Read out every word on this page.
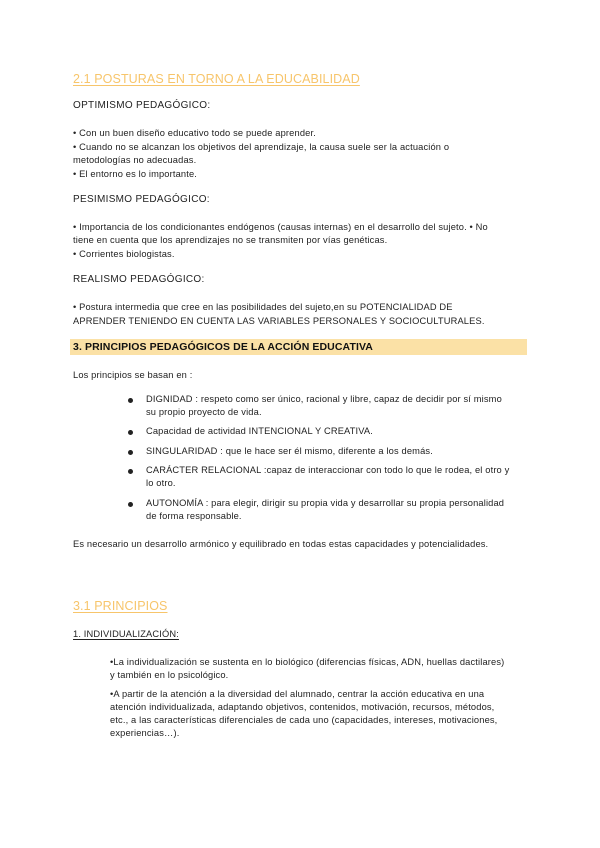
2.1 POSTURAS EN TORNO A LA EDUCABILIDAD
OPTIMISMO PEDAGÓGICO:
• Con un buen diseño educativo todo se puede aprender.
• Cuando no se alcanzan los objetivos del aprendizaje, la causa suele ser la actuación o
metodologías no adecuadas.
• El entorno es lo importante.
PESIMISMO PEDAGÓGICO:
• Importancia de los condicionantes endógenos (causas internas) en el desarrollo del sujeto. • No
tiene en cuenta que los aprendizajes no se transmiten por vías genéticas.
• Corrientes biologistas.
REALISMO PEDAGÓGICO:
• Postura intermedia que cree en las posibilidades del sujeto,en su POTENCIALIDAD DE
APRENDER TENIENDO EN CUENTA LAS VARIABLES PERSONALES Y SOCIOCULTURALES.
3. PRINCIPIOS PEDAGÓGICOS DE LA ACCIÓN EDUCATIVA
Los principios se basan en :
DIGNIDAD : respeto como ser único, racional y libre, capaz de decidir por sí mismo
su propio proyecto de vida.
Capacidad de actividad INTENCIONAL Y CREATIVA.
SINGULARIDAD : que le hace ser él mismo, diferente a los demás.
CARÁCTER RELACIONAL :capaz de interaccionar con todo lo que le rodea, el otro y
lo otro.
AUTONOMÍA : para elegir, dirigir su propia vida y desarrollar su propia personalidad
de forma responsable.
Es necesario un desarrollo armónico y equilibrado en todas estas capacidades y potencialidades.
3.1 PRINCIPIOS
1. INDIVIDUALIZACIÓN:
•La individualización se sustenta en lo biológico (diferencias físicas, ADN, huellas dactilares)
y también en lo psicológico.
•A partir de la atención a la diversidad del alumnado, centrar la acción educativa en una
atención individualizada, adaptando objetivos, contenidos, motivación, recursos, métodos,
etc., a las características diferenciales de cada uno (capacidades, intereses, motivaciones,
experiencias…).
